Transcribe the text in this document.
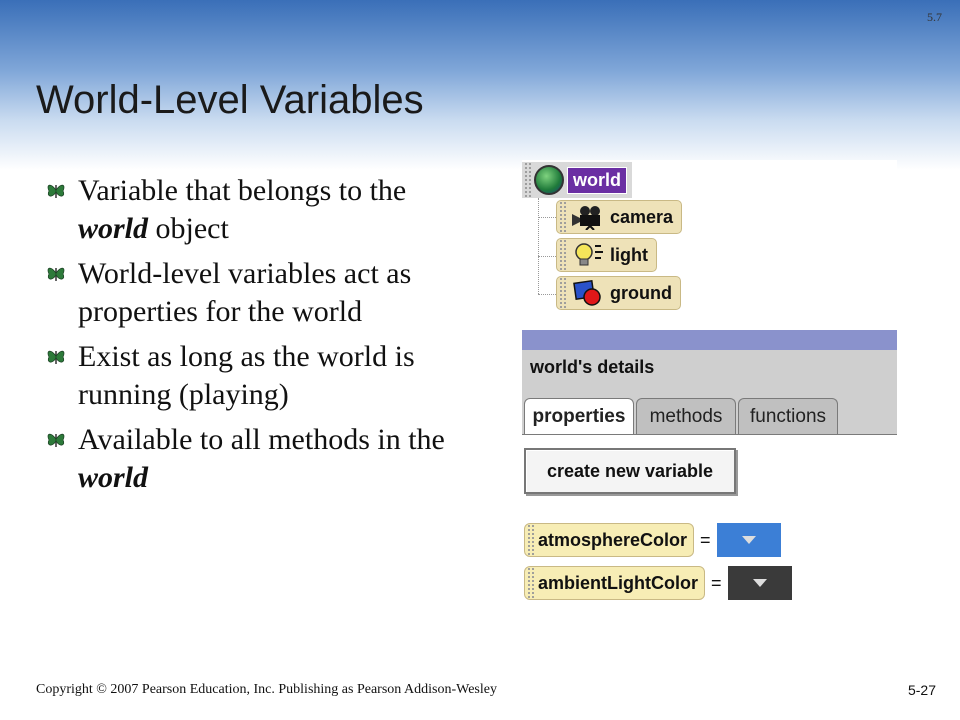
5.7
World-Level Variables
Variable that belongs to the world object
World-level variables act as properties for the world
Exist as long as the world is running (playing)
Available to all methods in the world
world
camera
light
ground
world's details
properties	methods	functions
create new variable
atmosphereColor =
ambientLightColor =
Copyright © 2007 Pearson Education, Inc. Publishing as Pearson Addison-Wesley	5-27
